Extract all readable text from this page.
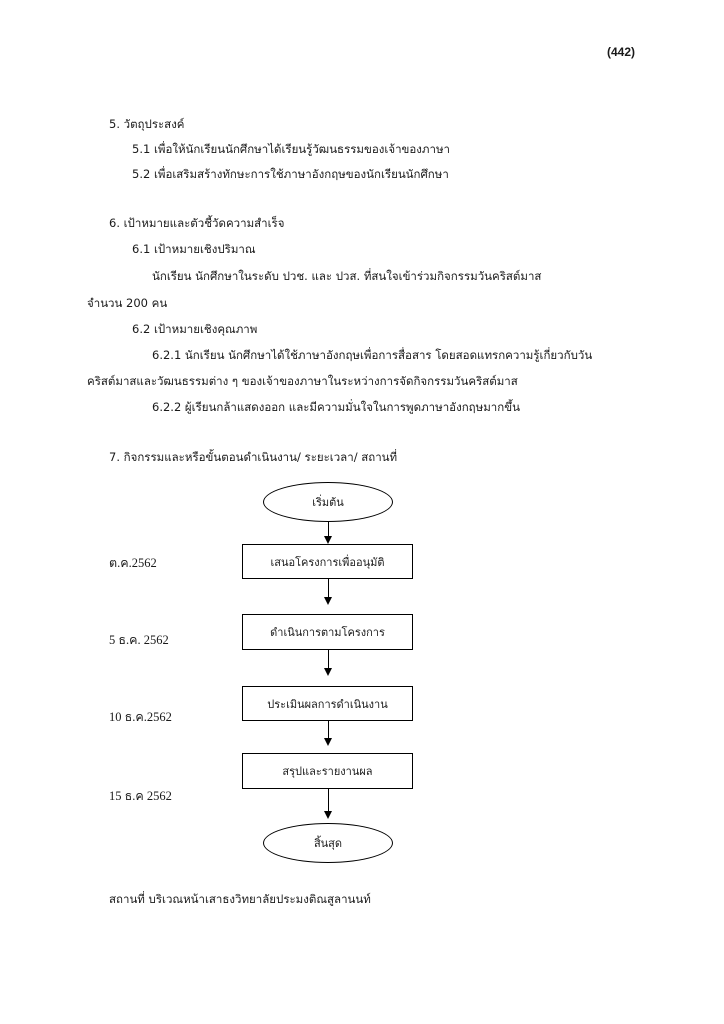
(442)
5. วัตถุประสงค์
5.1 เพื่อให้นักเรียนนักศึกษาได้เรียนรู้วัฒนธรรมของเจ้าของภาษา
5.2 เพื่อเสริมสร้างทักษะการใช้ภาษาอังกฤษของนักเรียนนักศึกษา
6. เป้าหมายและตัวชี้วัดความสำเร็จ
6.1 เป้าหมายเชิงปริมาณ
นักเรียน นักศึกษาในระดับ ปวช. และ ปวส. ที่สนใจเข้าร่วมกิจกรรมวันคริสต์มาส
จำนวน 200 คน
6.2 เป้าหมายเชิงคุณภาพ
6.2.1 นักเรียน นักศึกษาได้ใช้ภาษาอังกฤษเพื่อการสื่อสาร โดยสอดแทรกความรู้เกี่ยวกับวัน
คริสต์มาสและวัฒนธรรมต่าง ๆ ของเจ้าของภาษาในระหว่างการจัดกิจกรรมวันคริสต์มาส
6.2.2 ผู้เรียนกล้าแสดงออก และมีความมั่นใจในการพูดภาษาอังกฤษมากขึ้น
7. กิจกรรมและหรือขั้นตอนดำเนินงาน/ ระยะเวลา/ สถานที่
เริ่มต้น
เสนอโครงการเพื่ออนุมัติ
ดำเนินการตามโครงการ
ประเมินผลการดำเนินงาน
สรุปและรายงานผล
สิ้นสุด
ต.ค.2562
5 ธ.ค. 2562
10 ธ.ค.2562
15 ธ.ค 2562
สถานที่ บริเวณหน้าเสาธงวิทยาลัยประมงติณสูลานนท์
